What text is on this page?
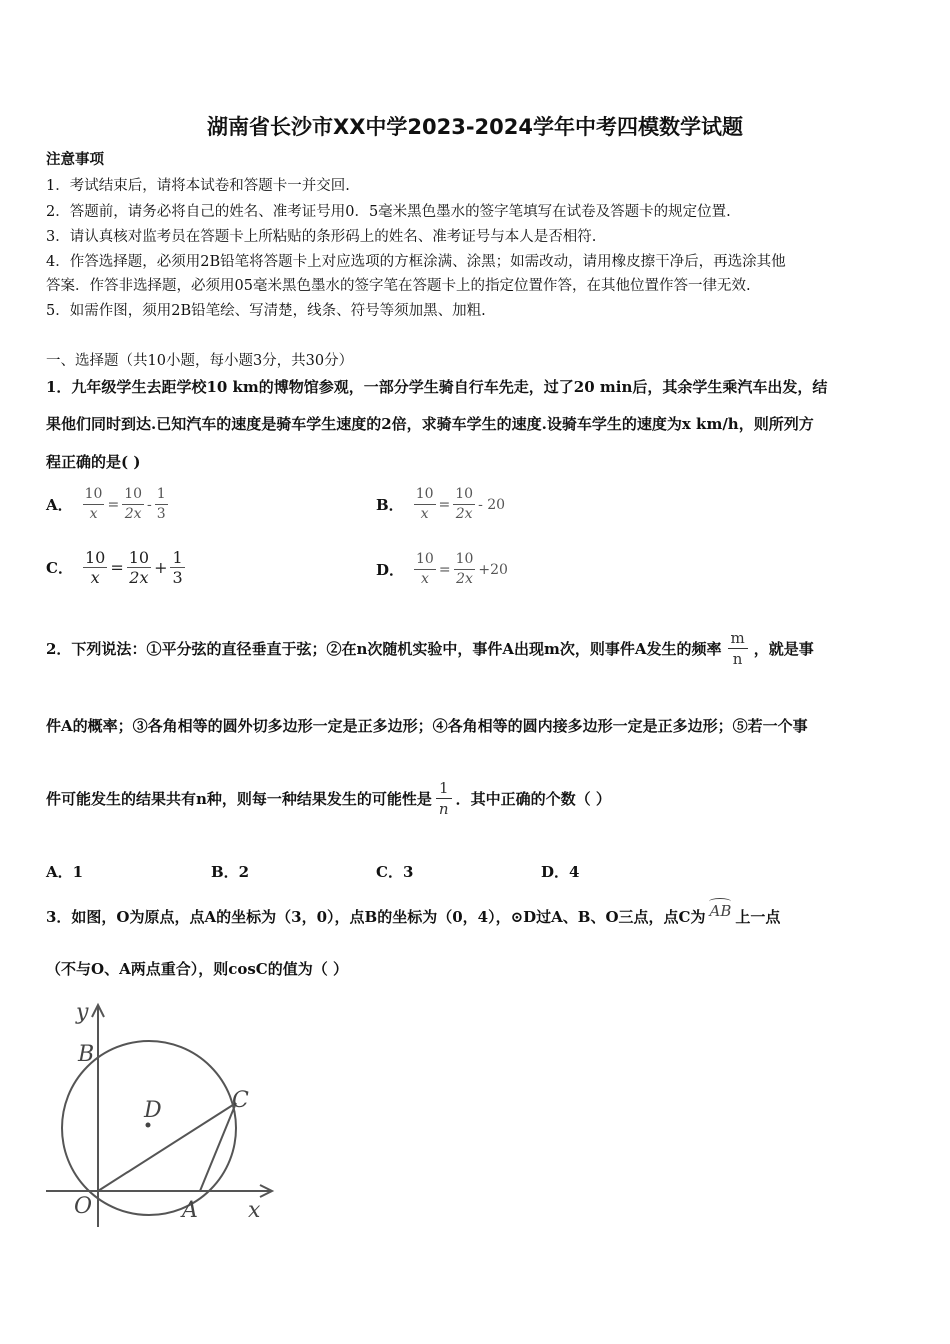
湖南省长沙市XX中学2023-2024学年中考四模数学试题
注意事项
1．考试结束后，请将本试卷和答题卡一并交回.
2．答题前，请务必将自己的姓名、准考证号用0．5毫米黑色墨水的签字笔填写在试卷及答题卡的规定位置.
3．请认真核对监考员在答题卡上所粘贴的条形码上的姓名、准考证号与本人是否相符.
4．作答选择题，必须用2B铅笔将答题卡上对应选项的方框涂满、涂黑；如需改动，请用橡皮擦干净后，再选涂其他
答案．作答非选择题，必须用05毫米黑色墨水的签字笔在答题卡上的指定位置作答，在其他位置作答一律无效.
5．如需作图，须用2B铅笔绘、写清楚，线条、符号等须加黑、加粗.
一、选择题（共10小题，每小题3分，共30分）
1．九年级学生去距学校10 km的博物馆参观，一部分学生骑自行车先走，过了20 min后，其余学生乘汽车出发，结
果他们同时到达.已知汽车的速度是骑车学生速度的2倍，求骑车学生的速度.设骑车学生的速度为x km/h，则所列方
程正确的是( )
A． $\frac{10}{x} = \frac{10}{2x} - \frac{1}{3}$	B． $\frac{10}{x} = \frac{10}{2x} - 20$
C． $\frac{10}{x} = \frac{10}{2x} + \frac{1}{3}$	D． $\frac{10}{x} = \frac{10}{2x} +20$
2．下列说法：①平分弦的直径垂直于弦；②在n次随机实验中，事件A出现m次，则事件A发生的频率 $\frac{m}{n}$ ，就是事
件A的概率；③各角相等的圆外切多边形一定是正多边形；④各角相等的圆内接多边形一定是正多边形；⑤若一个事
件可能发生的结果共有n种，则每一种结果发生的可能性是 $\frac{1}{n}$ ．其中正确的个数（ ）
A．1	B．2	C．3	D．4
3．如图，O为原点，点A的坐标为（3，0），点B的坐标为（0，4），⊙D过A、B、O三点，点C为 AB 上一点
（不与O、A两点重合），则cosC的值为（ ）
y
B
D	C
O	A x
